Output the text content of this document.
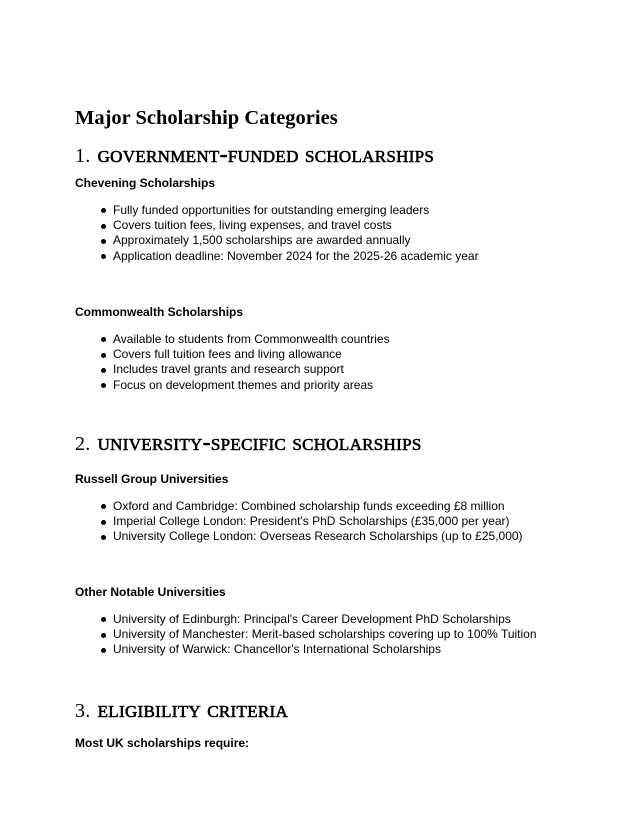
Major Scholarship Categories
1. government-funded scholarships
Chevening Scholarships
Fully funded opportunities for outstanding emerging leaders
Covers tuition fees, living expenses, and travel costs
Approximately 1,500 scholarships are awarded annually
Application deadline: November 2024 for the 2025-26 academic year
Commonwealth Scholarships
Available to students from Commonwealth countries
Covers full tuition fees and living allowance
Includes travel grants and research support
Focus on development themes and priority areas
2. university-specific scholarships
Russell Group Universities
Oxford and Cambridge: Combined scholarship funds exceeding £8 million
Imperial College London: President's PhD Scholarships (£35,000 per year)
University College London: Overseas Research Scholarships (up to £25,000)
Other Notable Universities
University of Edinburgh: Principal's Career Development PhD Scholarships
University of Manchester: Merit-based scholarships covering up to 100% Tuition
University of Warwick: Chancellor's International Scholarships
3. eligibility criteria
Most UK scholarships require:
